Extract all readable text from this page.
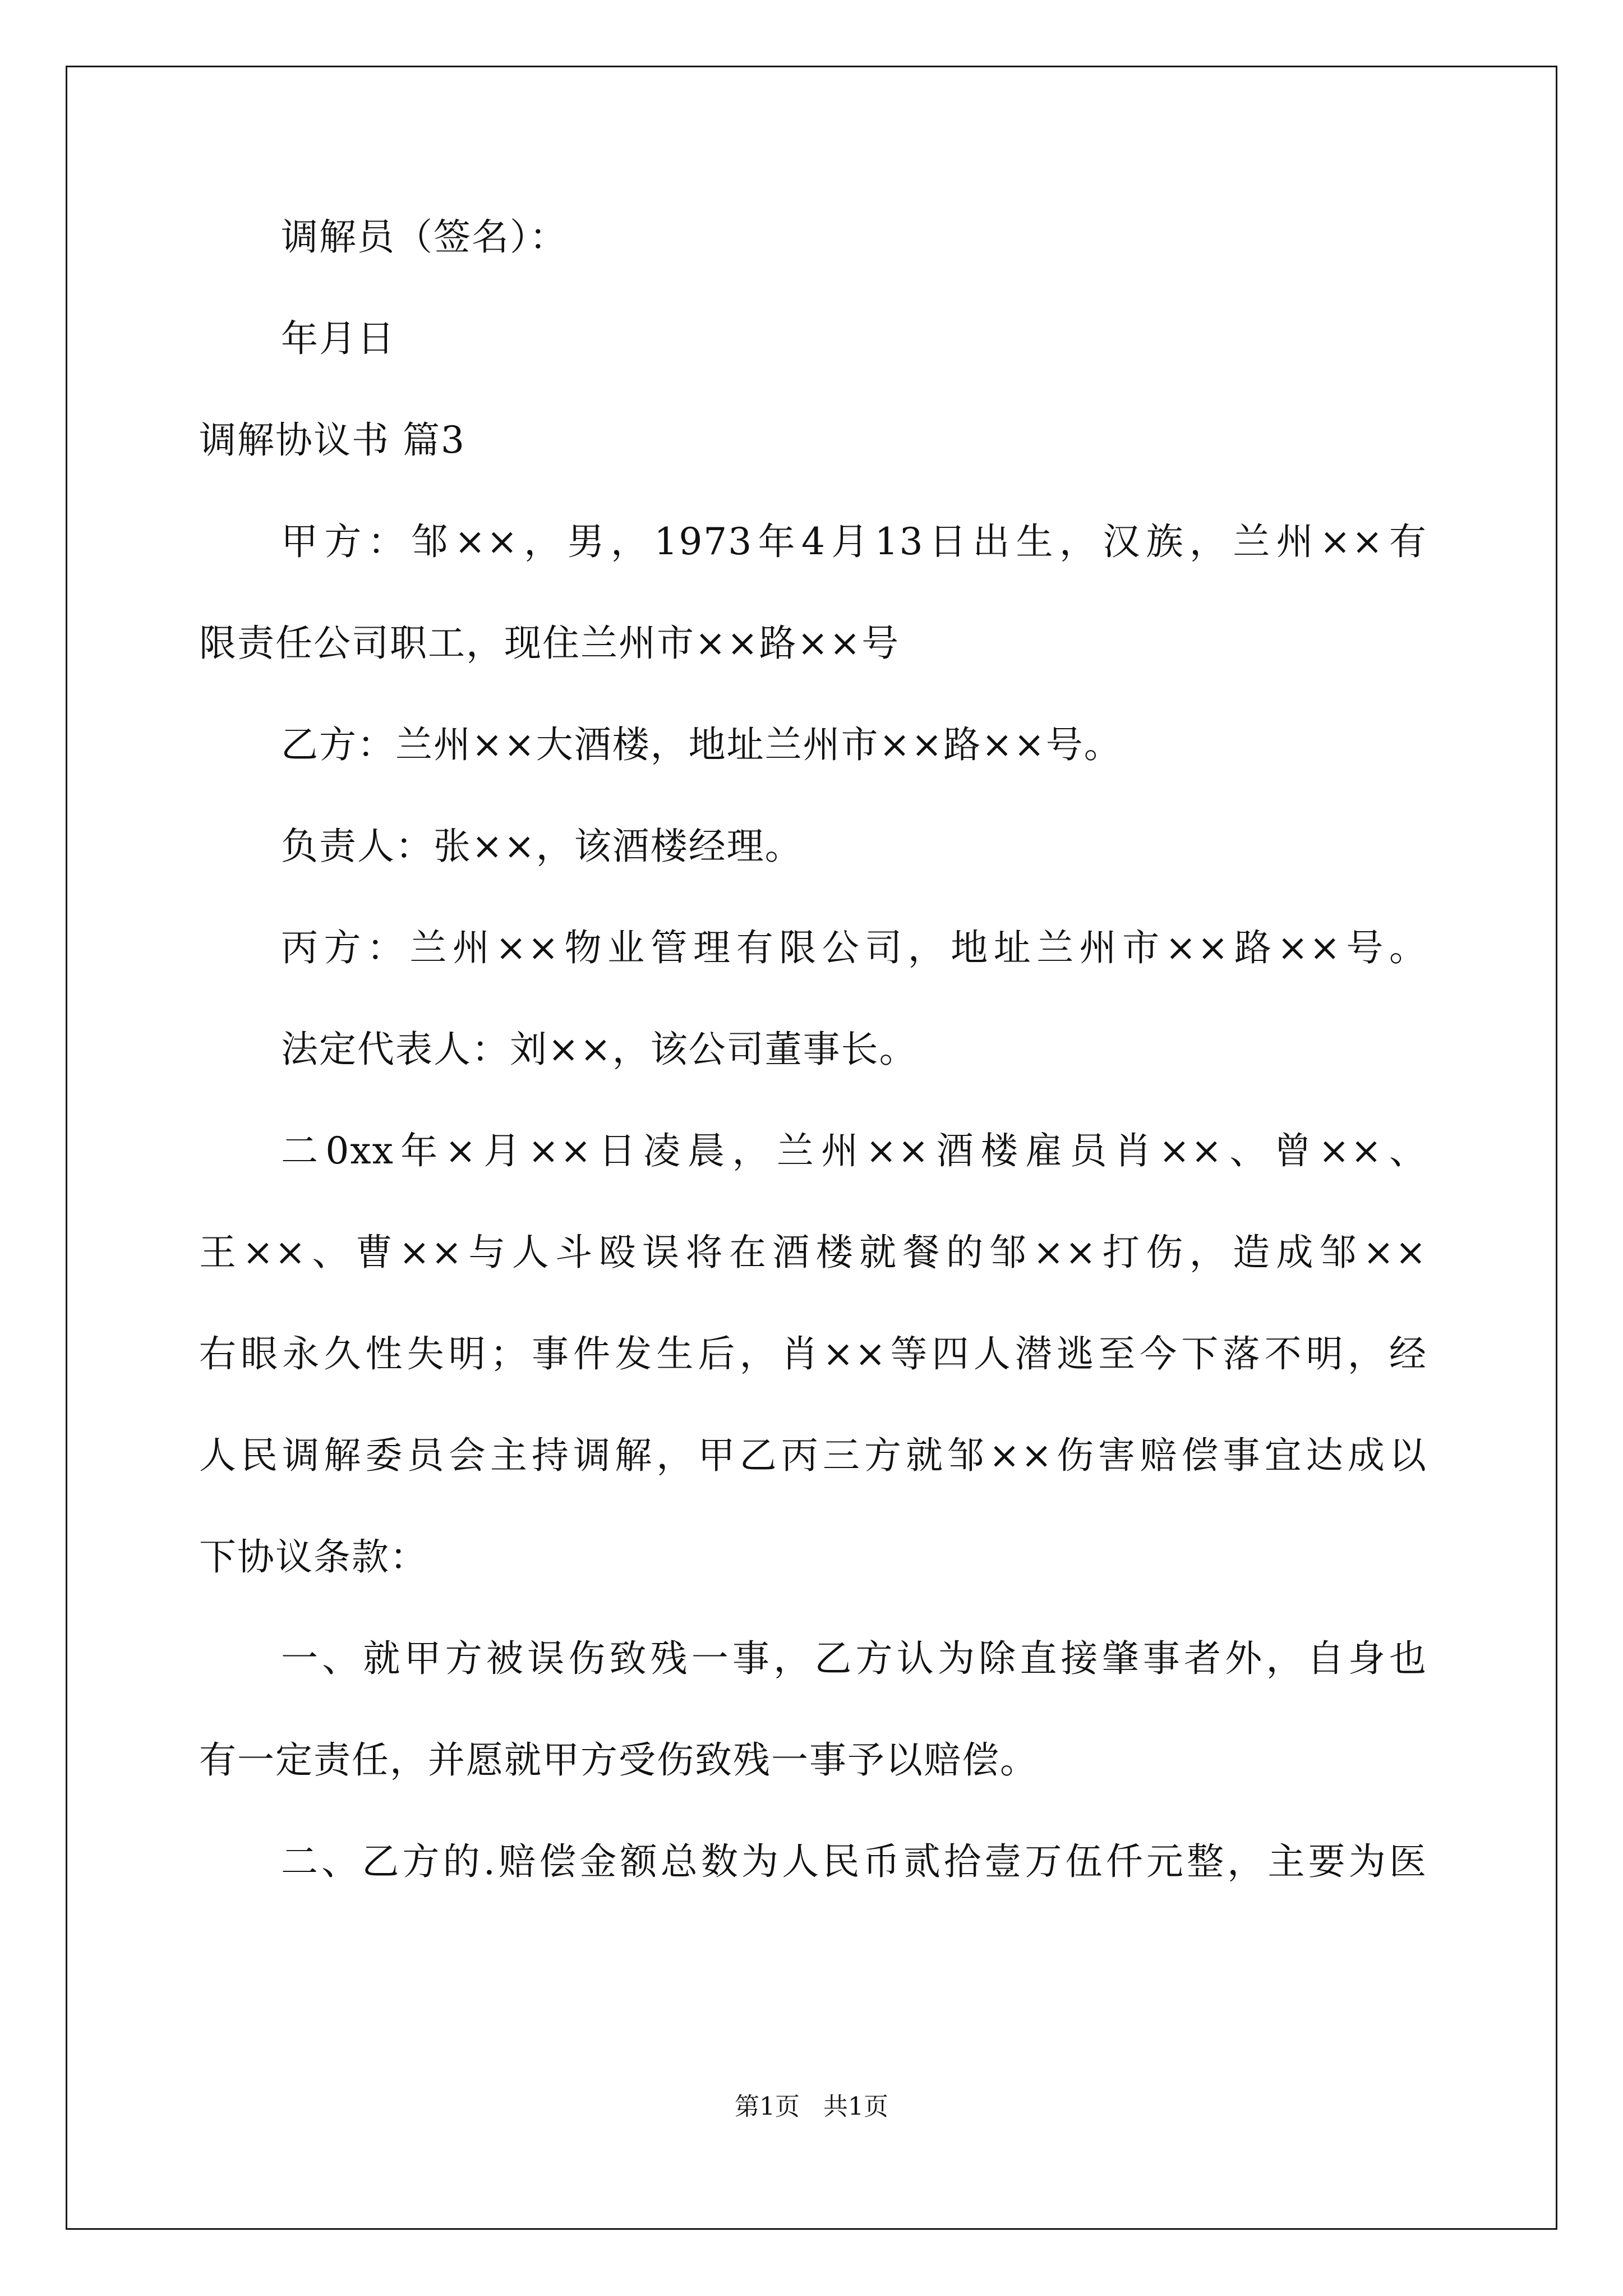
调解员（签名）：
年月日
调解协议书 篇3
甲方：邹××，男，1973年4月13日出生，汉族，兰州××有
限责任公司职工，现住兰州市××路××号
乙方：兰州××大酒楼，地址兰州市××路××号。
负责人：张××，该酒楼经理。
丙方：兰州××物业管理有限公司，地址兰州市××路××号。
法定代表人：刘××，该公司董事长。
二0xx年×月××日凌晨，兰州××酒楼雇员肖××、曾××、
王××、曹××与人斗殴误将在酒楼就餐的邹××打伤，造成邹××
右眼永久性失明；事件发生后，肖××等四人潜逃至今下落不明，经
人民调解委员会主持调解，甲乙丙三方就邹××伤害赔偿事宜达成以
下协议条款：
一、就甲方被误伤致残一事，乙方认为除直接肇事者外，自身也
有一定责任，并愿就甲方受伤致残一事予以赔偿。
二、乙方的.赔偿金额总数为人民币贰拾壹万伍仟元整，主要为医
第1页 共1页
